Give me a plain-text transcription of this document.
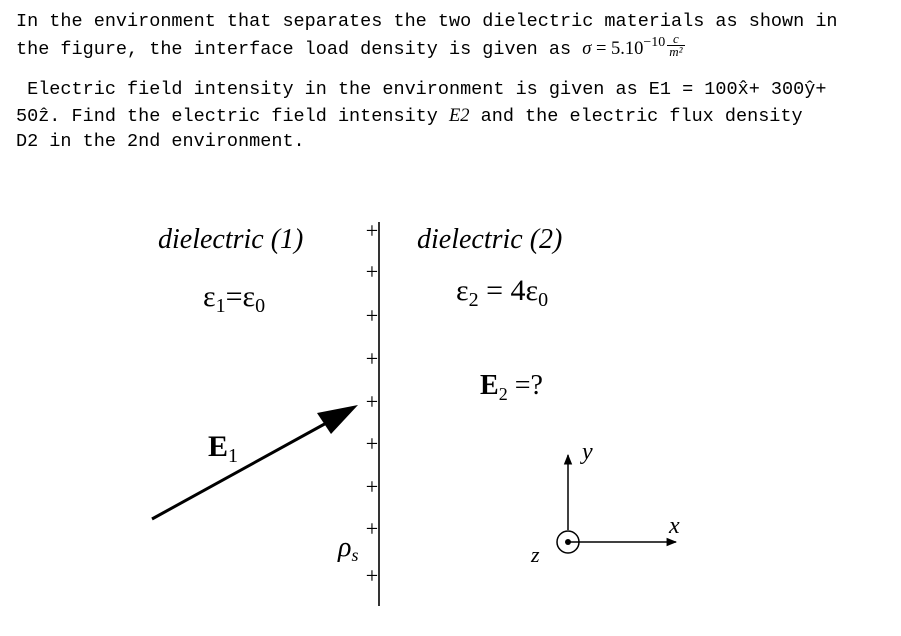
In the environment that separates the two dielectric materials as shown in
the figure, the interface load density is given as $\sigma = 5.10^{-10} \frac{c}{\text{m²}}$
Electric field intensity in the environment is given as E1 = 100x̂+ 300ŷ+
50ẑ. Find the electric field intensity E2 and the electric flux density
D2 in the 2nd environment.
+
+
+
+
+
+
+
+
+
dielectric (1)	dielectric (2)
$\varepsilon_1=\varepsilon_0$	$\varepsilon_2 = 4\varepsilon_0$
$E_2$ =?
$E_1$
ρs
y
x
z
